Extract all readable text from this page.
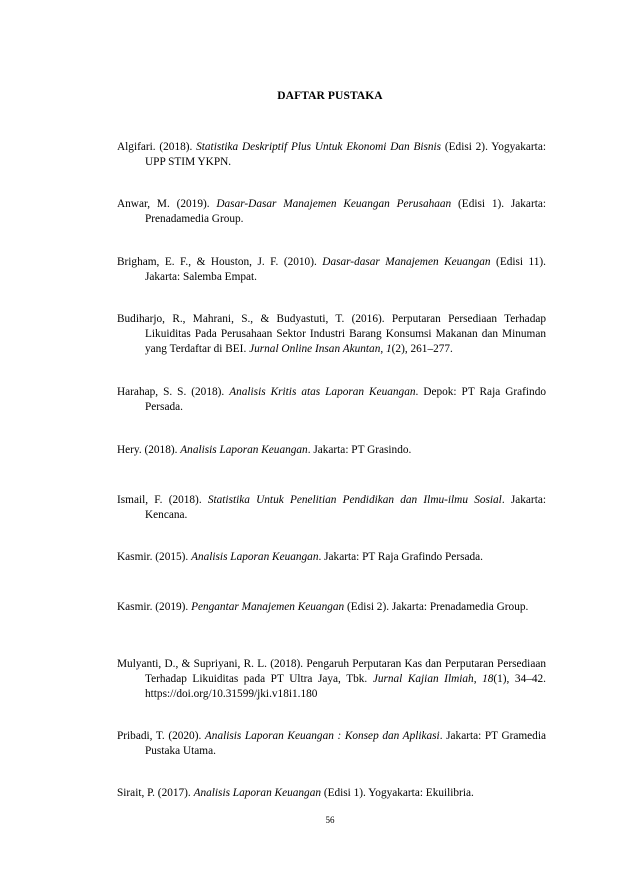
DAFTAR PUSTAKA

Algifari. (2018). Statistika Deskriptif Plus Untuk Ekonomi Dan Bisnis (Edisi 2). Yogyakarta: UPP STIM YKPN.

Anwar, M. (2019). Dasar-Dasar Manajemen Keuangan Perusahaan (Edisi 1). Jakarta: Prenadamedia Group.

Brigham, E. F., & Houston, J. F. (2010). Dasar-dasar Manajemen Keuangan (Edisi 11). Jakarta: Salemba Empat.

Budiharjo, R., Mahrani, S., & Budyastuti, T. (2016). Perputaran Persediaan Terhadap Likuiditas Pada Perusahaan Sektor Industri Barang Konsumsi Makanan dan Minuman yang Terdaftar di BEI. Jurnal Online Insan Akuntan, 1(2), 261–277.

Harahap, S. S. (2018). Analisis Kritis atas Laporan Keuangan. Depok: PT Raja Grafindo Persada.

Hery. (2018). Analisis Laporan Keuangan. Jakarta: PT Grasindo.

Ismail, F. (2018). Statistika Untuk Penelitian Pendidikan dan Ilmu-ilmu Sosial. Jakarta: Kencana.

Kasmir. (2015). Analisis Laporan Keuangan. Jakarta: PT Raja Grafindo Persada.

Kasmir. (2019). Pengantar Manajemen Keuangan (Edisi 2). Jakarta: Prenadamedia Group.

Mulyanti, D., & Supriyani, R. L. (2018). Pengaruh Perputaran Kas dan Perputaran Persediaan Terhadap Likuiditas pada PT Ultra Jaya, Tbk. Jurnal Kajian Ilmiah, 18(1), 34–42. https://doi.org/10.31599/jki.v18i1.180

Pribadi, T. (2020). Analisis Laporan Keuangan : Konsep dan Aplikasi. Jakarta: PT Gramedia Pustaka Utama.

Sirait, P. (2017). Analisis Laporan Keuangan (Edisi 1). Yogyakarta: Ekuilibria.

56
